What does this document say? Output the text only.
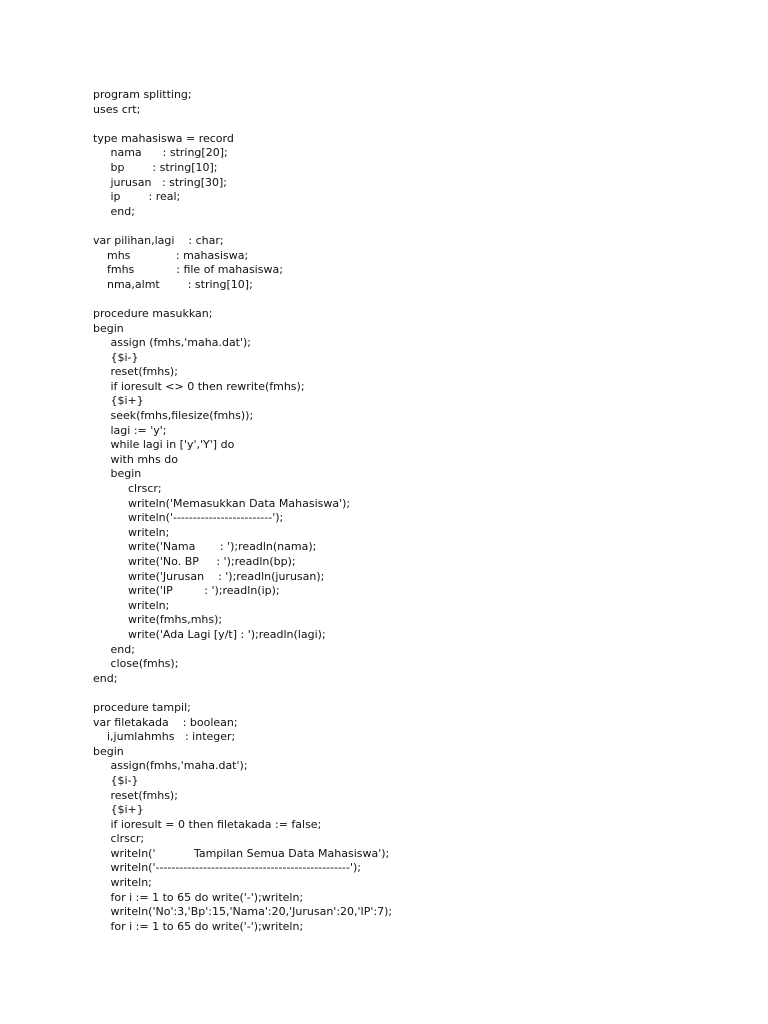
program splitting;
uses crt;
type mahasiswa = record
nama      : string[20];
bp        : string[10];
jurusan   : string[30];
ip        : real;
end;
var pilihan,lagi    : char;
mhs             : mahasiswa;
fmhs            : file of mahasiswa;
nma,almt        : string[10];
procedure masukkan;
begin
assign (fmhs,'maha.dat');
{$i-}
reset(fmhs);
if ioresult <> 0 then rewrite(fmhs);
{$i+}
seek(fmhs,filesize(fmhs));
lagi := 'y';
while lagi in ['y','Y'] do
with mhs do
begin
clrscr;
writeln('Memasukkan Data Mahasiswa');
writeln('-------------------------');
writeln;
write('Nama       : ');readln(nama);
write('No. BP     : ');readln(bp);
write('Jurusan    : ');readln(jurusan);
write('IP         : ');readln(ip);
writeln;
write(fmhs,mhs);
write('Ada Lagi [y/t] : ');readln(lagi);
end;
close(fmhs);
end;
procedure tampil;
var filetakada    : boolean;
i,jumlahmhs   : integer;
begin
assign(fmhs,'maha.dat');
{$i-}
reset(fmhs);
{$i+}
if ioresult = 0 then filetakada := false;
clrscr;
writeln('           Tampilan Semua Data Mahasiswa');
writeln('-------------------------------------------------');
writeln;
for i := 1 to 65 do write('-');writeln;
writeln('No':3,'Bp':15,'Nama':20,'Jurusan':20,'IP':7);
for i := 1 to 65 do write('-');writeln;
